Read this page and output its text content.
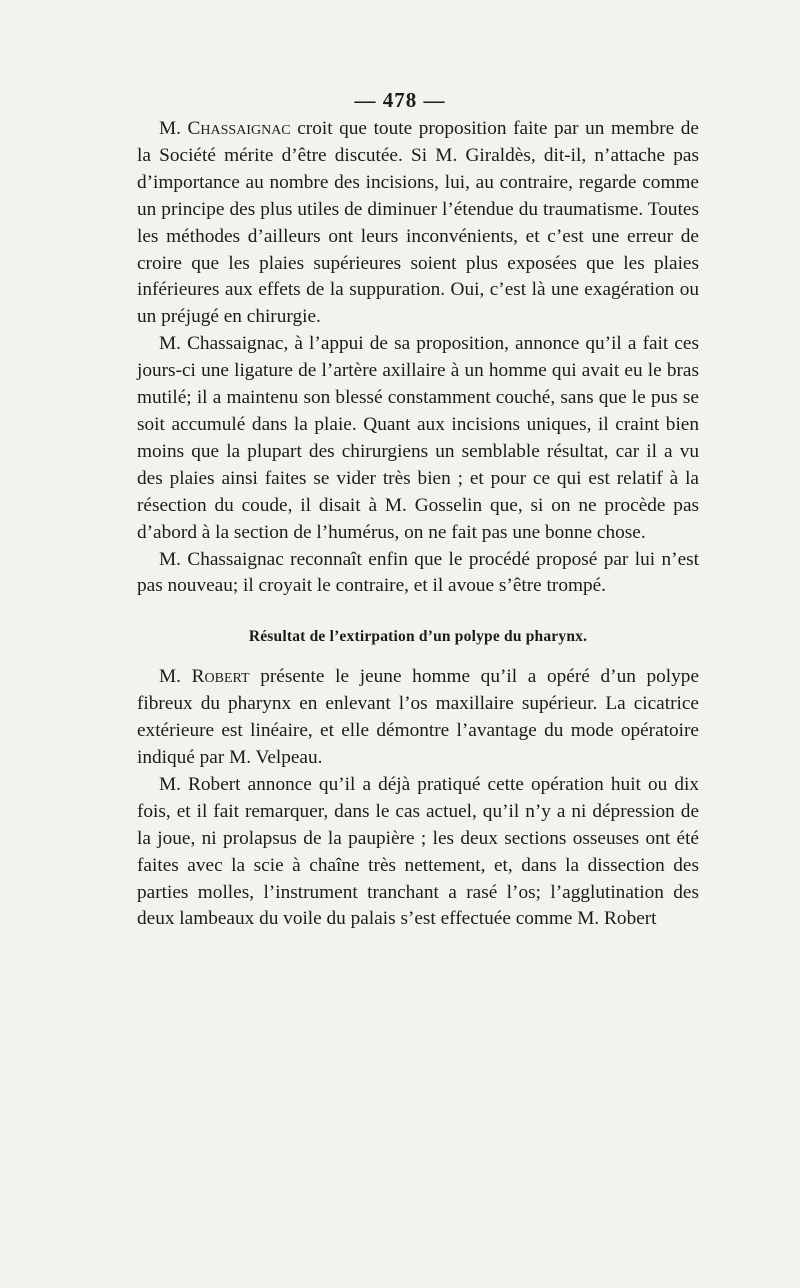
— 478 —

M. Chassaignac croit que toute proposition faite par un membre de la Société mérite d’être discutée. Si M. Giraldès, dit-il, n’attache pas d’importance au nombre des incisions, lui, au contraire, regarde comme un principe des plus utiles de diminuer l’étendue du traumatisme. Toutes les méthodes d’ailleurs ont leurs inconvénients, et c’est une erreur de croire que les plaies supérieures soient plus exposées que les plaies inférieures aux effets de la suppuration. Oui, c’est là une exagération ou un préjugé en chirurgie.

M. Chassaignac, à l’appui de sa proposition, annonce qu’il a fait ces jours-ci une ligature de l’artère axillaire à un homme qui avait eu le bras mutilé; il a maintenu son blessé constamment couché, sans que le pus se soit accumulé dans la plaie. Quant aux incisions uniques, il craint bien moins que la plupart des chirurgiens un semblable résultat, car il a vu des plaies ainsi faites se vider très bien ; et pour ce qui est relatif à la résection du coude, il disait à M. Gosselin que, si on ne procède pas d’abord à la section de l’humérus, on ne fait pas une bonne chose.

M. Chassaignac reconnaît enfin que le procédé proposé par lui n’est pas nouveau; il croyait le contraire, et il avoue s’être trompé.

Résultat de l’extirpation d’un polype du pharynx.

M. Robert présente le jeune homme qu’il a opéré d’un polype fibreux du pharynx en enlevant l’os maxillaire supérieur. La cicatrice extérieure est linéaire, et elle démontre l’avantage du mode opératoire indiqué par M. Velpeau.

M. Robert annonce qu’il a déjà pratiqué cette opération huit ou dix fois, et il fait remarquer, dans le cas actuel, qu’il n’y a ni dépression de la joue, ni prolapsus de la paupière ; les deux sections osseuses ont été faites avec la scie à chaîne très nettement, et, dans la dissection des parties molles, l’instrument tranchant a rasé l’os; l’agglutination des deux lambeaux du voile du palais s’est effectuée comme M. Robert
